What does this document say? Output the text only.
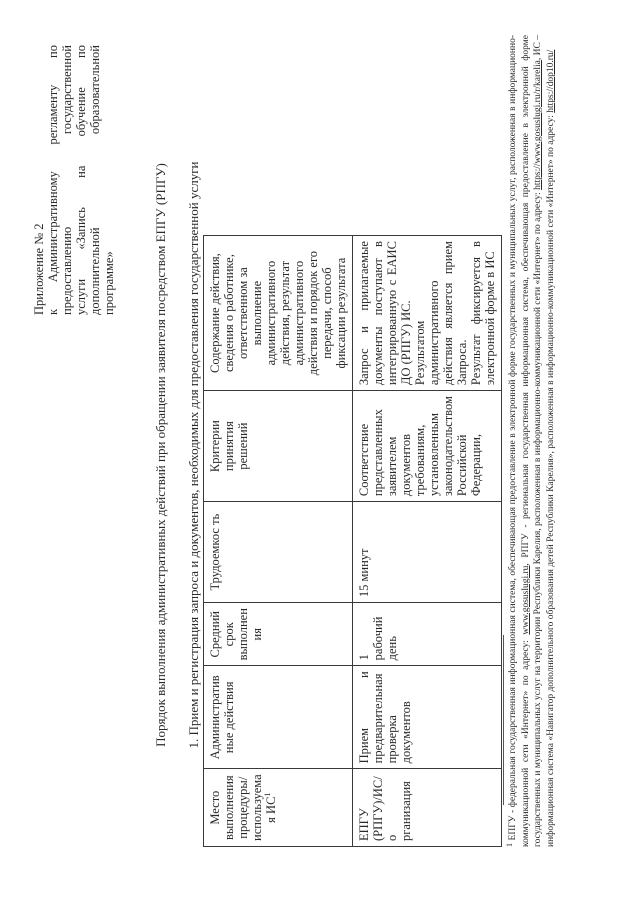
Приложение № 2 к
Административному
регламенту
по
предоставлению
государственной
услуги
«Запись
на
обучение
по
дополнительной
образовательной
программе»	Порядок выполнения административных действий при обращении заявителя посредством ЕПГУ (РПГУ) 1. Прием и регистрация запроса и документов, необходимых для предоставления государственной услуги
Место выполнения процедуры/ используема я $ИС^1$	Административ ные действия	Средний срок выполнен ия	Трудоемкос ть	Критерии принятия решений	Содержание действия, сведения о работнике, ответственном за выполнение административного действия, результат административного действия и порядок его передачи, способ фиксации результата
ЕПГУ (РПГУ)/ИС/о рганизация	Прием и предварительная проверка документов	1 рабочий день	15 минут	Соответствие представленных заявителем документов требованиям, установленным законодательством Российской Федерации,	Запрос и прилагаемые документы поступают в интегрированную с ЕАИС ДО (РПГУ) ИС. Результатом административного действия является прием Запроса. Результат фиксируется в электронной форме в ИС
$^1$ ЕПГУ - федеральная государственная информационная система, обеспечивающая предоставление в электронной форме государственных и муниципальных услуг, расположенная в информационно-коммуникационной сети «Интернет» по адресу: www.gosuslugi.ru, РПГУ - региональная государственная информационная система, обеспечивающая предоставление в электронной форме государственных и муниципальных услуг на территории Республики Карелия, расположенная в информационно-коммуникационной сети «Интернет» по адресу: https://www.gosuslugi.ru/r/karelia, ИС – информационная система «Навигатор дополнительного образования детей Республики Карелия», расположенная в информационно-коммуникационной сети «Интернет» по адресу: https://dop10.ru/
